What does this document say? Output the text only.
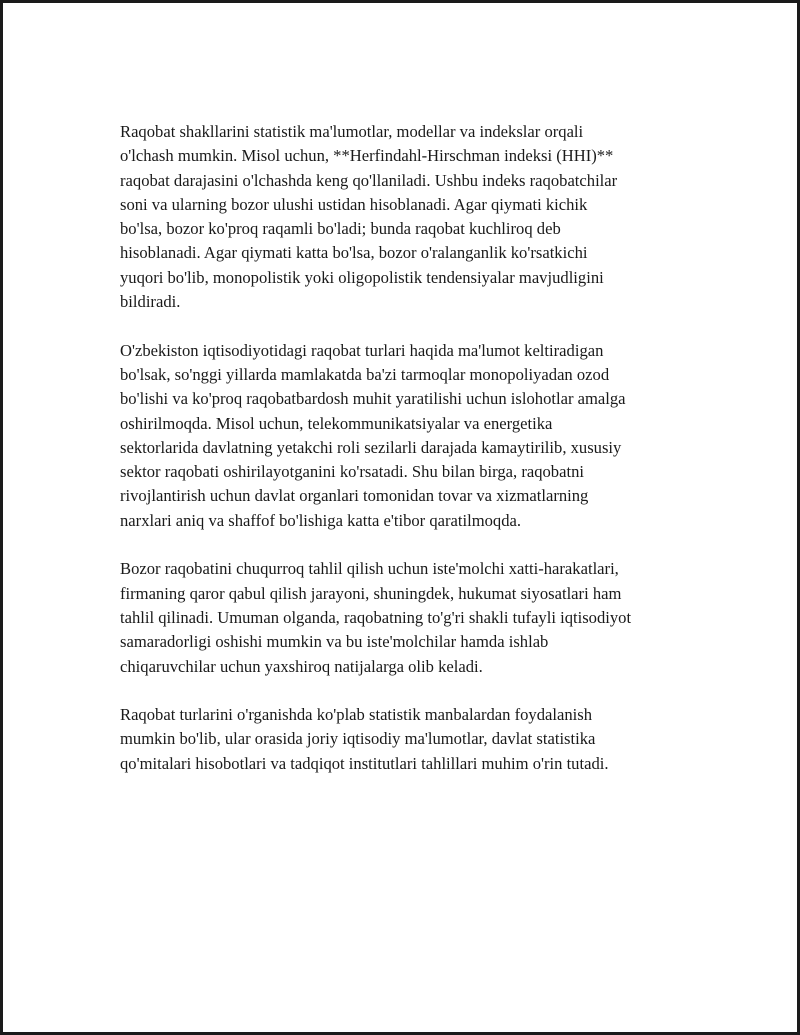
Raqobat shakllarini statistik ma'lumotlar, modellar va indekslar orqali
o'lchash mumkin. Misol uchun, **Herfindahl-Hirschman indeksi (HHI)**
raqobat darajasini o'lchashda keng qo'llaniladi. Ushbu indeks raqobatchilar
soni va ularning bozor ulushi ustidan hisoblanadi. Agar qiymati kichik
bo'lsa, bozor ko'proq raqamli bo'ladi; bunda raqobat kuchliroq deb
hisoblanadi. Agar qiymati katta bo'lsa, bozor o'ralanganlik ko'rsatkichi
yuqori bo'lib, monopolistik yoki oligopolistik tendensiyalar mavjudligini
bildiradi.

O'zbekiston iqtisodiyotidagi raqobat turlari haqida ma'lumot keltiradigan
bo'lsak, so'nggi yillarda mamlakatda ba'zi tarmoqlar monopoliyadan ozod
bo'lishi va ko'proq raqobatbardosh muhit yaratilishi uchun islohotlar amalga
oshirilmoqda. Misol uchun, telekommunikatsiyalar va energetika
sektorlarida davlatning yetakchi roli sezilarli darajada kamaytirilib, xususiy
sektor raqobati oshirilayotganini ko'rsatadi. Shu bilan birga, raqobatni
rivojlantirish uchun davlat organlari tomonidan tovar va xizmatlarning
narxlari aniq va shaffof bo'lishiga katta e'tibor qaratilmoqda.

Bozor raqobatini chuqurroq tahlil qilish uchun iste'molchi xatti-harakatlari,
firmaning qaror qabul qilish jarayoni, shuningdek, hukumat siyosatlari ham
tahlil qilinadi. Umuman olganda, raqobatning to'g'ri shakli tufayli iqtisodiyot
samaradorligi oshishi mumkin va bu iste'molchilar hamda ishlab
chiqaruvchilar uchun yaxshiroq natijalarga olib keladi.

Raqobat turlarini o'rganishda ko'plab statistik manbalardan foydalanish
mumkin bo'lib, ular orasida joriy iqtisodiy ma'lumotlar, davlat statistika
qo'mitalari hisobotlari va tadqiqot institutlari tahlillari muhim o'rin tutadi.
